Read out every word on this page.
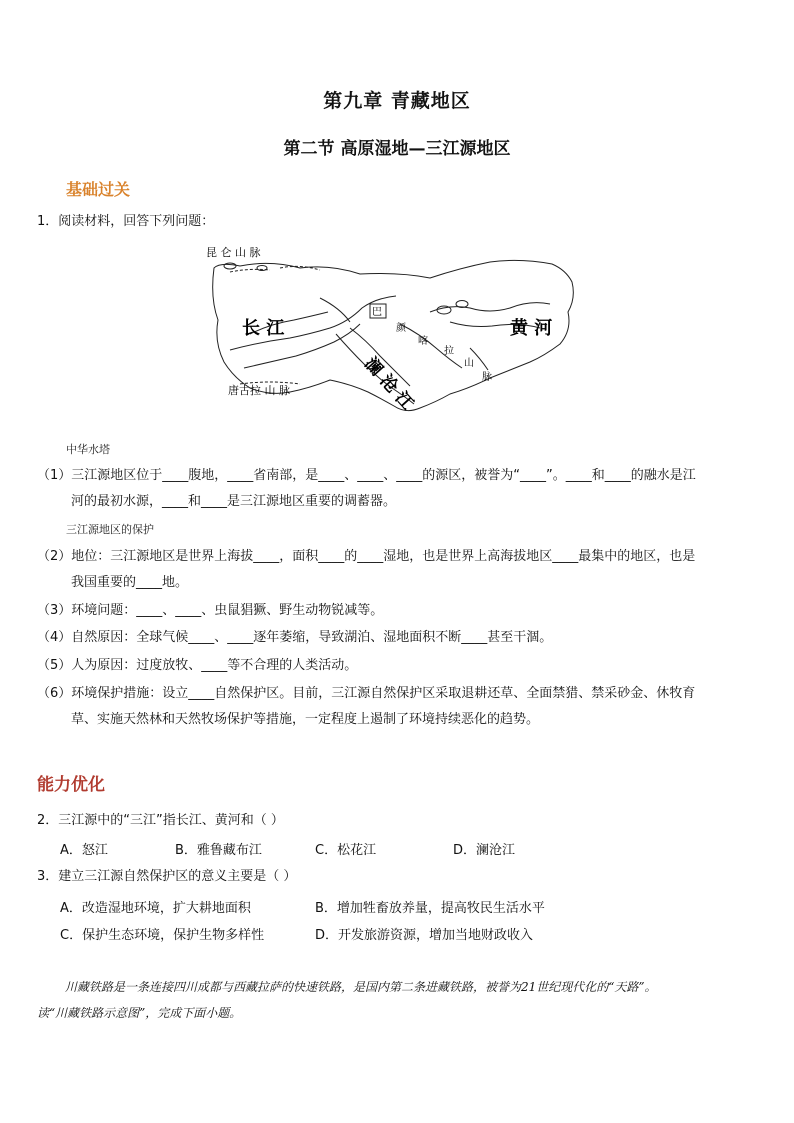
第九章 青藏地区
第二节 高原湿地—三江源地区
基础过关
1．阅读材料，回答下列问题：
昆 仑 山 脉
长 江	黄 河
巴
颜
喀
拉
山
脉
澜 沧 江
唐古拉 山 脉
中华水塔
（1）三江源地区位于____腹地，____省南部，是____、____、____的源区，被誉为“____”。____和____的融水是江
河的最初水源，____和____是三江源地区重要的调蓄器。
三江源地区的保护
（2）地位：三江源地区是世界上海拔____，面积____的____湿地，也是世界上高海拔地区____最集中的地区，也是
我国重要的____地。
（3）环境问题：____、____、虫鼠猖獗、野生动物锐减等。
（4）自然原因：全球气候____、____逐年萎缩，导致湖泊、湿地面积不断____甚至干涸。
（5）人为原因：过度放牧、____等不合理的人类活动。
（6）环境保护措施：设立____自然保护区。目前，三江源自然保护区采取退耕还草、全面禁猎、禁采砂金、休牧育
草、实施天然林和天然牧场保护等措施，一定程度上遏制了环境持续恶化的趋势。
能力优化
2．三江源中的“三江”指长江、黄河和（ ）
A．怒江	B．雅鲁藏布江	C．松花江	D．澜沧江
3．建立三江源自然保护区的意义主要是（ ）
A．改造湿地环境，扩大耕地面积	B．增加牲畜放养量，提高牧民生活水平
C．保护生态环境，保护生物多样性	D．开发旅游资源，增加当地财政收入
川藏铁路是一条连接四川成都与西藏拉萨的快速铁路，是国内第二条进藏铁路，被誉为21世纪现代化的“天路”。
读“川藏铁路示意图”，完成下面小题。
